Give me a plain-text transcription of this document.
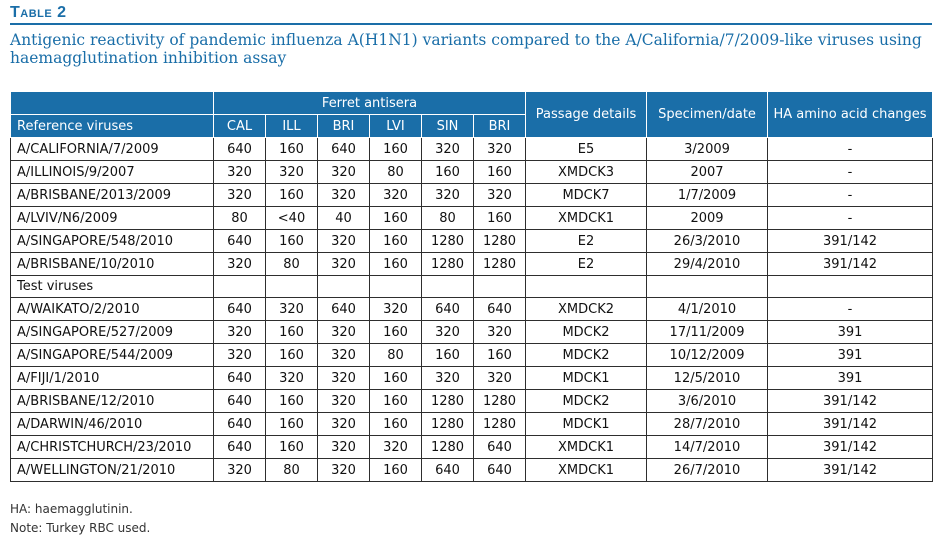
Table 2
Antigenic reactivity of pandemic influenza A(H1N1) variants compared to the A/California/7/2009-like viruses using haemagglutination inhibition assay
	Ferret antisera						Passage details	Specimen/date	HA amino acid changes
Reference viruses	CAL	ILL	BRI	LVI	SIN	BRI			
A/CALIFORNIA/7/2009	640	160	640	160	320	320	E5	3/2009	-
A/ILLINOIS/9/2007	320	320	320	80	160	160	XMDCK3	2007	-
A/BRISBANE/2013/2009	320	160	320	320	320	320	MDCK7	1/7/2009	-
A/LVIV/N6/2009	80	<40	40	160	80	160	XMDCK1	2009	-
A/SINGAPORE/548/2010	640	160	320	160	1280	1280	E2	26/3/2010	391/142
A/BRISBANE/10/2010	320	80	320	160	1280	1280	E2	29/4/2010	391/142
Test viruses									
A/WAIKATO/2/2010	640	320	640	320	640	640	XMDCK2	4/1/2010	-
A/SINGAPORE/527/2009	320	160	320	160	320	320	MDCK2	17/11/2009	391
A/SINGAPORE/544/2009	320	160	320	80	160	160	MDCK2	10/12/2009	391
A/FIJI/1/2010	640	320	320	160	320	320	MDCK1	12/5/2010	391
A/BRISBANE/12/2010	640	160	320	160	1280	1280	MDCK2	3/6/2010	391/142
A/DARWIN/46/2010	640	160	320	160	1280	1280	MDCK1	28/7/2010	391/142
A/CHRISTCHURCH/23/2010	640	160	320	320	1280	640	XMDCK1	14/7/2010	391/142
A/WELLINGTON/21/2010	320	80	320	160	640	640	XMDCK1	26/7/2010	391/142
HA: haemagglutinin.
Note: Turkey RBC used.
